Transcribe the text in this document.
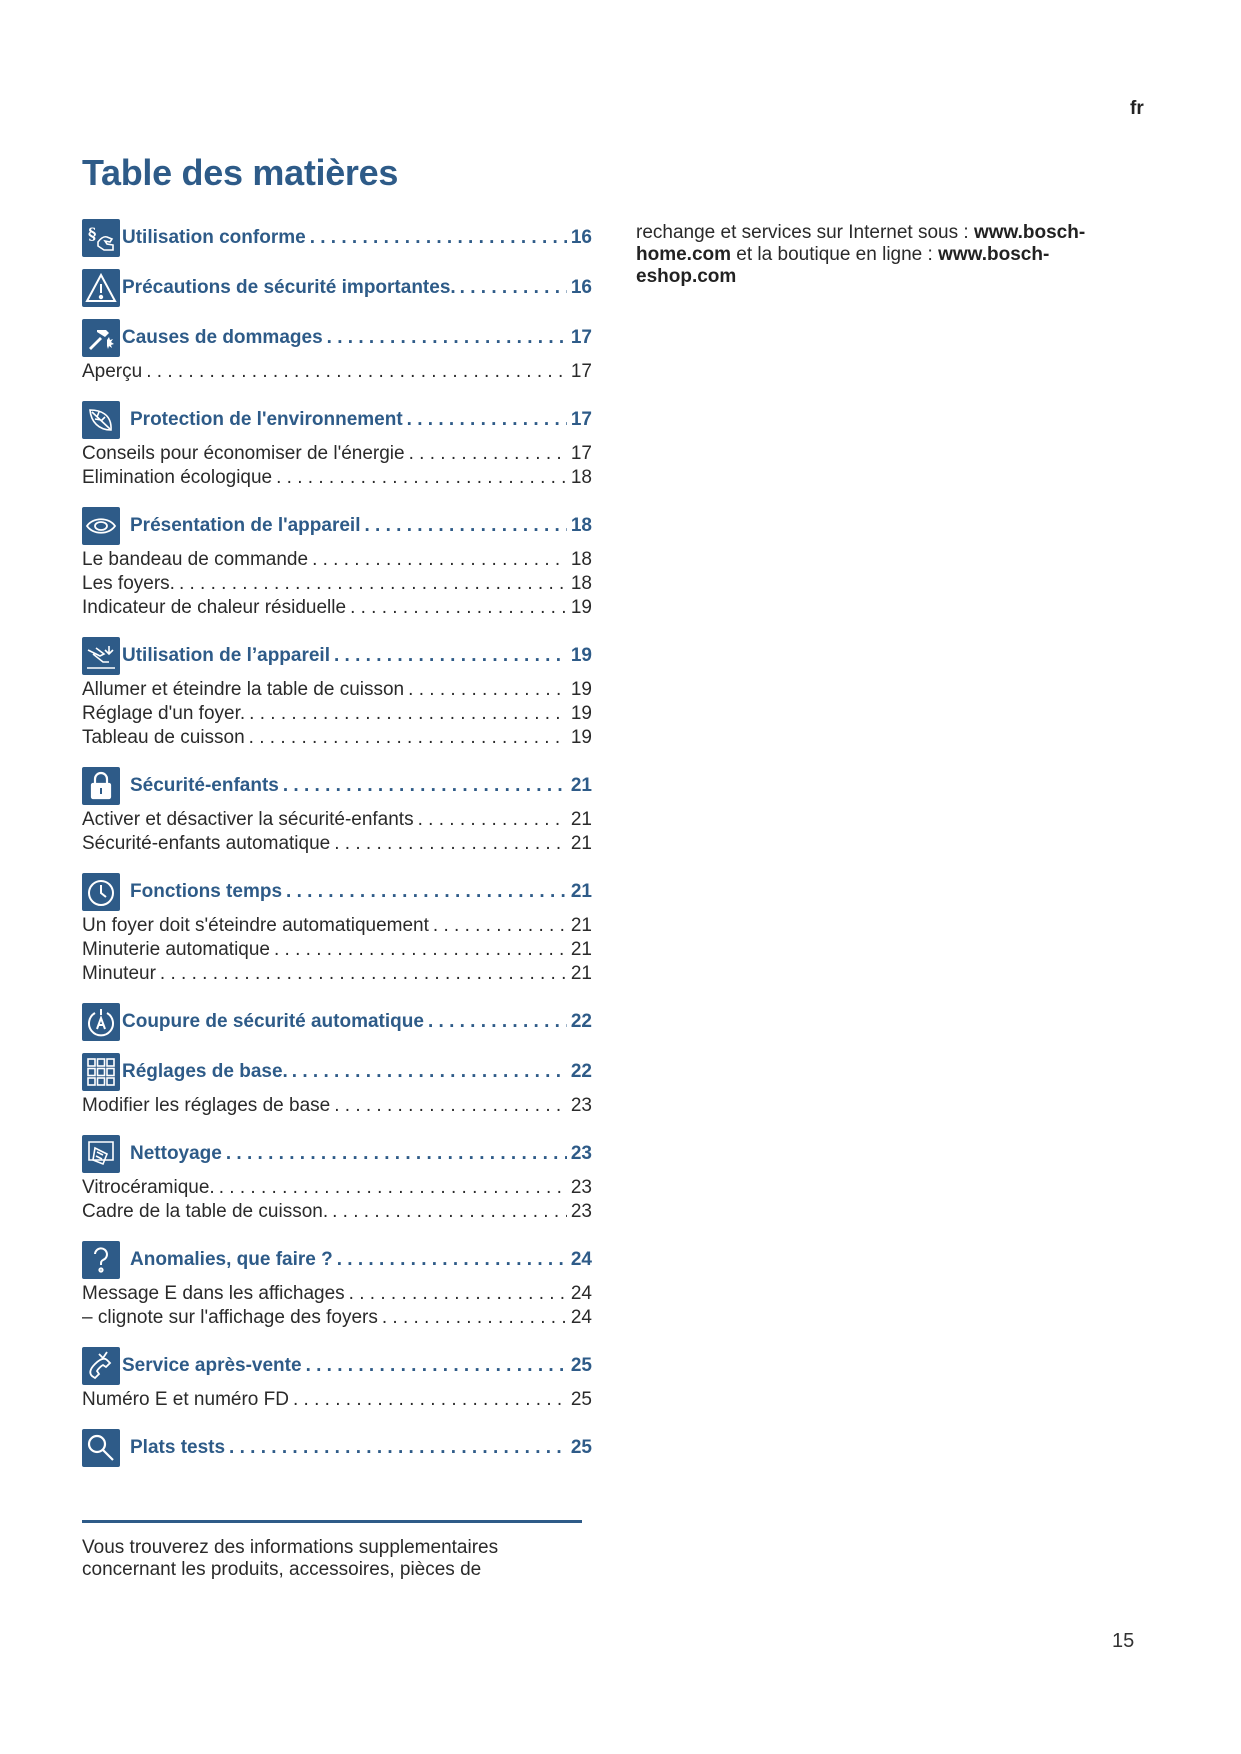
fr
Table des matières
§ Utilisation conforme . . .	16
Précautions de sécurité importantes. . . .	16
Causes de dommages . . .	17
Aperçu . . .	17
Protection de l'environnement . . .	17
Conseils pour économiser de l'énergie . . .	17
Elimination écologique . . .	18
Présentation de l'appareil . . .	18
Le bandeau de commande . . .	18
Les foyers. . . .	18
Indicateur de chaleur résiduelle . . .	19
Utilisation de l’appareil . . .	19
Allumer et éteindre la table de cuisson . . .	19
Réglage d'un foyer. . . .	19
Tableau de cuisson . . .	19
Sécurité-enfants . . .	21
Activer et désactiver la sécurité-enfants . . .	21
Sécurité-enfants automatique . . .	21
Fonctions temps . . .	21
Un foyer doit s'éteindre automatiquement . . .	21
Minuterie automatique . . .	21
Minuteur . . .	21
Coupure de sécurité automatique . . .	22
Réglages de base. . . .	22
Modifier les réglages de base . . .	23
Nettoyage . . .	23
Vitrocéramique. . . .	23
Cadre de la table de cuisson. . . .	23
Anomalies, que faire ? . . .	24
Message E dans les affichages . . .	24
– clignote sur l'affichage des foyers . . .	24
Service après-vente . . .	25
Numéro E et numéro FD . . .	25
Plats tests . . .	25
Vous trouverez des informations supplementaires concernant les produits, accessoires, pièces de
rechange et services sur Internet sous : www.bosch-home.com et la boutique en ligne : www.bosch-eshop.com
15
